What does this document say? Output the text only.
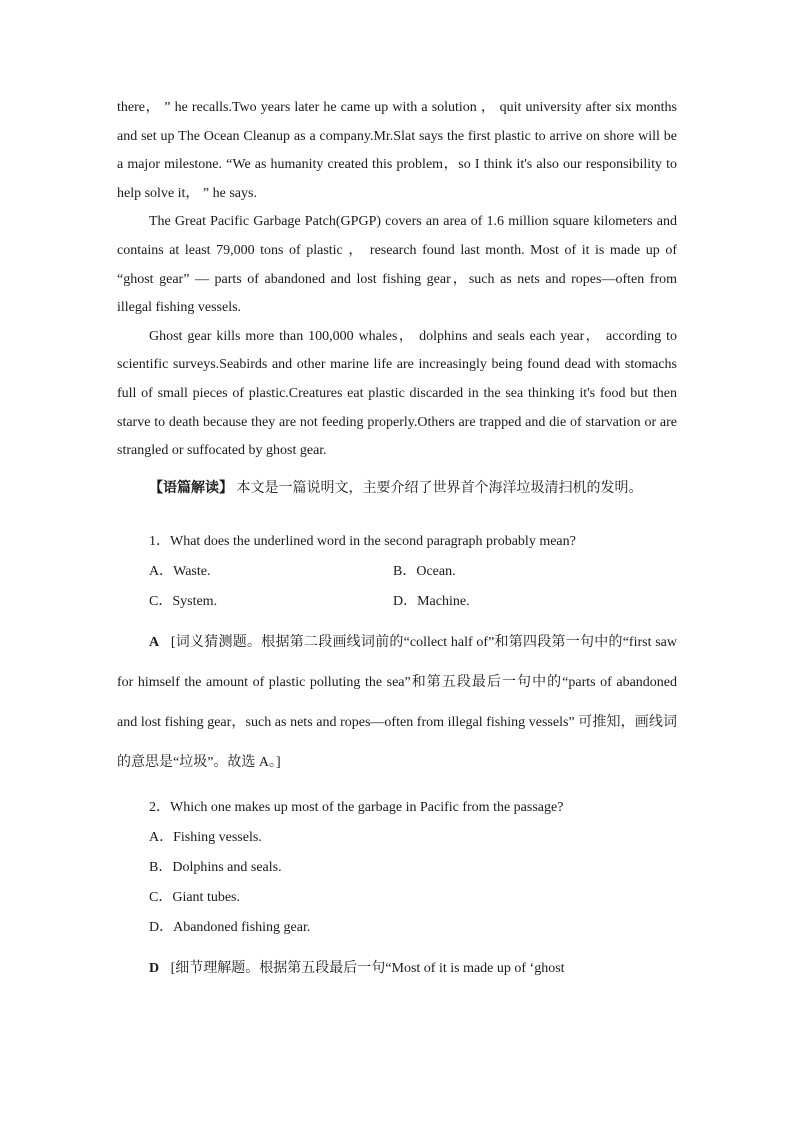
there， ” he recalls.Two years later he came up with a solution ， quit university after six months and set up The Ocean Cleanup as a company.Mr.Slat says the first plastic to arrive on shore will be a major milestone. “We as humanity created this problem，so I think it's also our responsibility to help solve it， ” he says.

The Great Pacific Garbage Patch(GPGP) covers an area of 1.6 million square kilometers and contains at least 79,000 tons of plastic ， research found last month. Most of it is made up of “ghost gear” — parts of abandoned and lost fishing gear，such as nets and ropes—often from illegal fishing vessels.

Ghost gear kills more than 100,000 whales， dolphins and seals each year， according to scientific surveys.Seabirds and other marine life are increasingly being found dead with stomachs full of small pieces of plastic.Creatures eat plastic discarded in the sea thinking it's food but then starve to death because they are not feeding properly.Others are trapped and die of starvation or are strangled or suffocated by ghost gear.

【语篇解读】 本文是一篇说明文，主要介绍了世界首个海洋垃圾清扫机的发明。

1．What does the underlined word in the second paragraph probably mean?

A．Waste.	B．Ocean.
C．System.	D．Machine.

A [词义猜测题。根据第二段画线词前的“collect half of”和第四段第一句中的“first saw for himself the amount of plastic polluting the sea”和第五段最后一句中的“parts of abandoned and lost fishing gear，such as nets and ropes—often from illegal fishing vessels” 可推知，画线词的意思是“垃圾”。故选 A。]

2．Which one makes up most of the garbage in Pacific from the passage?

A．Fishing vessels.
B．Dolphins and seals.
C．Giant tubes.
D．Abandoned fishing gear.

D [细节理解题。根据第五段最后一句“Most of it is made up of ‘ghost
